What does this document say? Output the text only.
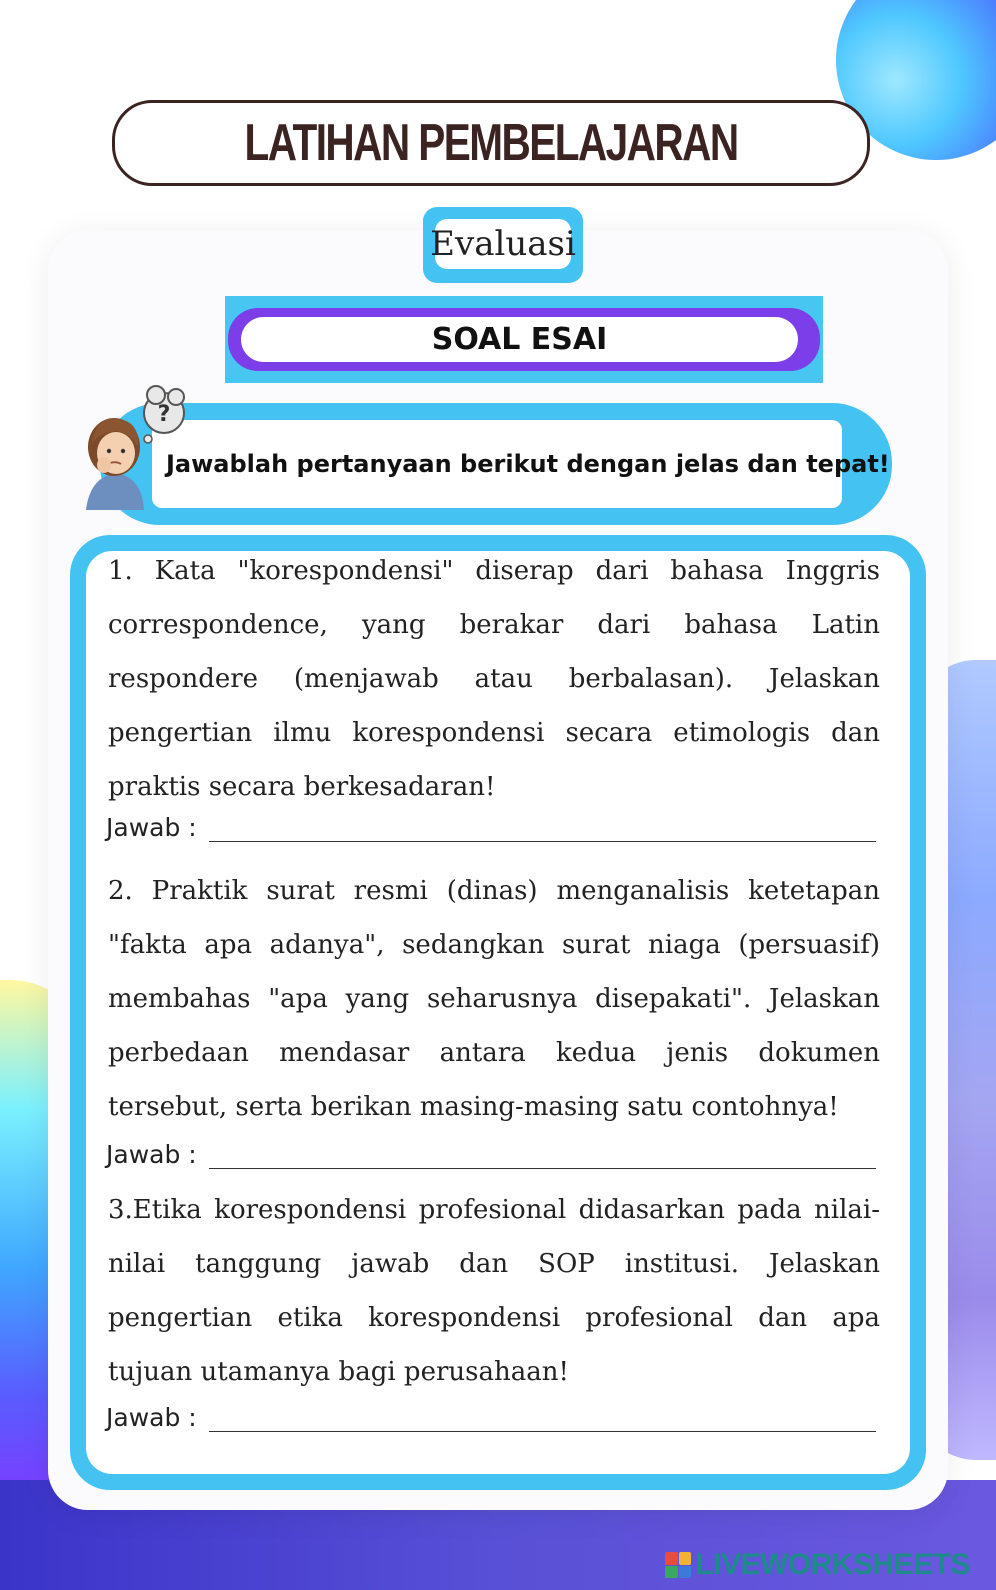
LATIHAN PEMBELAJARAN
Evaluasi
SOAL ESAI
Jawablah pertanyaan berikut dengan jelas dan tepat!
?
1. Kata "korespondensi" diserap dari bahasa Inggris correspondence, yang berakar dari bahasa Latin respondere (menjawab atau berbalasan). Jelaskan pengertian ilmu korespondensi secara etimologis dan praktis secara berkesadaran!
Jawab :
2. Praktik surat resmi (dinas) menganalisis ketetapan "fakta apa adanya", sedangkan surat niaga (persuasif) membahas "apa yang seharusnya disepakati". Jelaskan perbedaan mendasar antara kedua jenis dokumen tersebut, serta berikan masing-masing satu contohnya!
Jawab :
3.Etika korespondensi profesional didasarkan pada nilai-nilai tanggung jawab dan SOP institusi. Jelaskan pengertian etika korespondensi profesional dan apa tujuan utamanya bagi perusahaan!
Jawab :
LIVEWORKSHEETS
